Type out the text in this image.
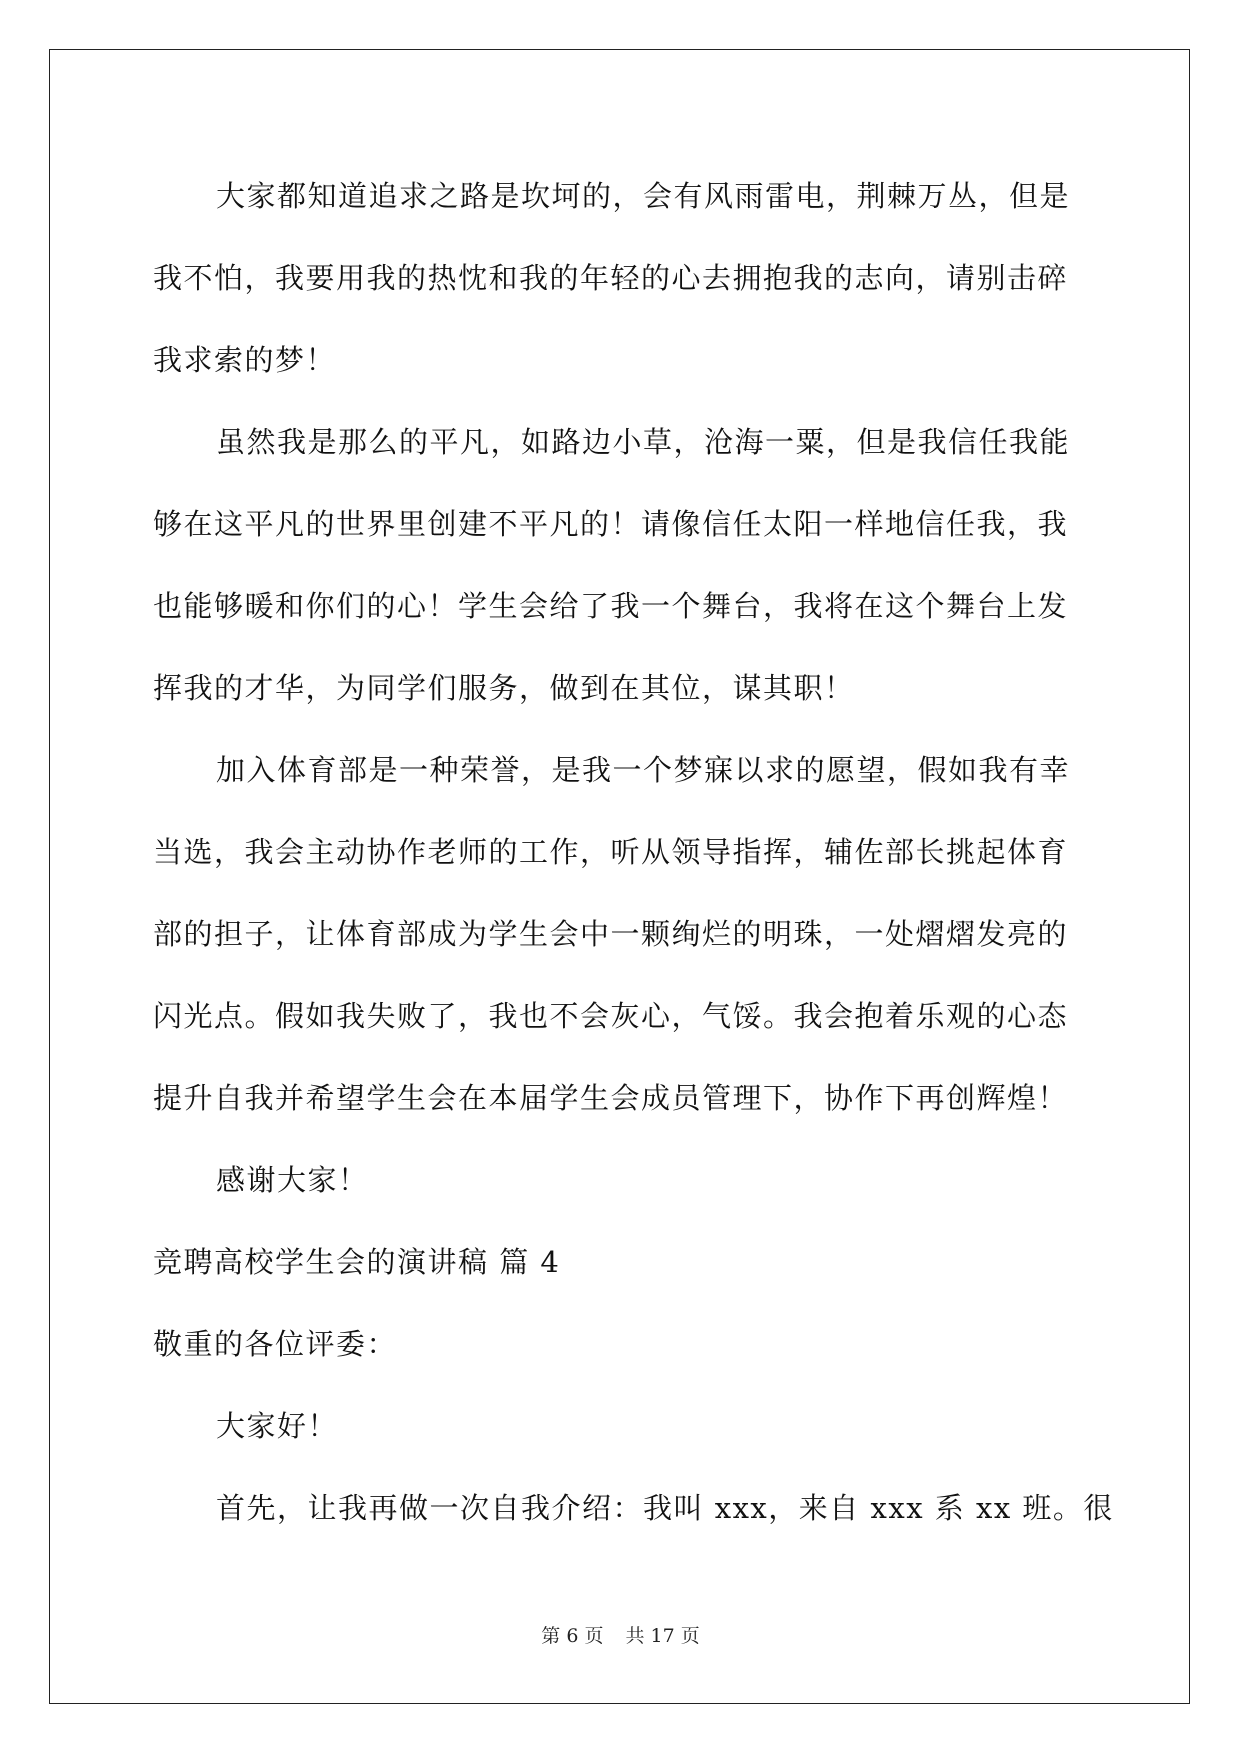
大家都知道追求之路是坎坷的，会有风雨雷电，荆棘万丛，但是
我不怕，我要用我的热忱和我的年轻的心去拥抱我的志向，请别击碎
我求索的梦！
虽然我是那么的平凡，如路边小草，沧海一粟，但是我信任我能
够在这平凡的世界里创建不平凡的！请像信任太阳一样地信任我，我
也能够暖和你们的心！学生会给了我一个舞台，我将在这个舞台上发
挥我的才华，为同学们服务，做到在其位，谋其职！
加入体育部是一种荣誉，是我一个梦寐以求的愿望，假如我有幸
当选，我会主动协作老师的工作，听从领导指挥，辅佐部长挑起体育
部的担子，让体育部成为学生会中一颗绚烂的明珠，一处熠熠发亮的
闪光点。假如我失败了，我也不会灰心，气馁。我会抱着乐观的心态
提升自我并希望学生会在本届学生会成员管理下，协作下再创辉煌！
感谢大家！
竞聘高校学生会的演讲稿 篇 4
敬重的各位评委：
大家好！
首先，让我再做一次自我介绍：我叫 xxx，来自 xxx 系 xx 班。很
第 6 页 共 17 页
